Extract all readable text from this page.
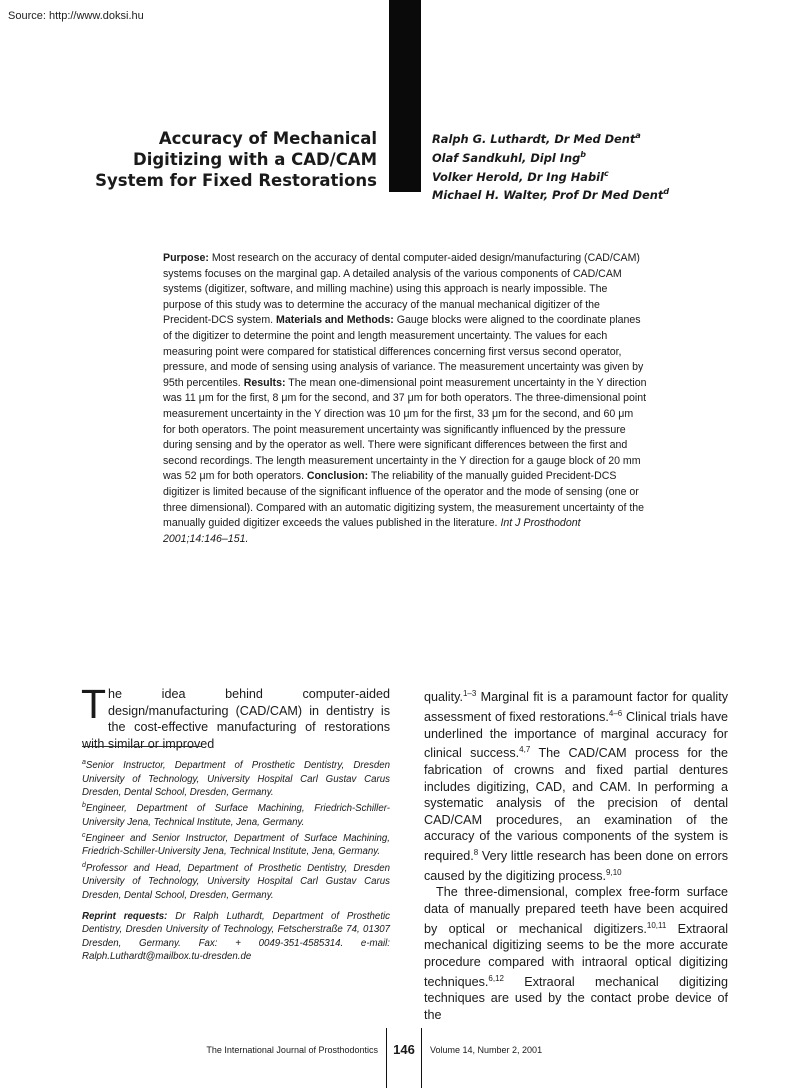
Source: http://www.doksi.hu
Accuracy of Mechanical
Digitizing with a CAD/CAM
System for Fixed Restorations
Ralph G. Luthardt, Dr Med Dent$^a$
Olaf Sandkuhl, Dipl Ing$^b$
Volker Herold, Dr Ing Habil$^c$
Michael H. Walter, Prof Dr Med Dent$^d$
Purpose: Most research on the accuracy of dental computer-aided design/manufacturing (CAD/CAM) systems focuses on the marginal gap. A detailed analysis of the various components of CAD/CAM systems (digitizer, software, and milling machine) using this approach is nearly impossible. The purpose of this study was to determine the accuracy of the manual mechanical digitizer of the Precident-DCS system. Materials and Methods: Gauge blocks were aligned to the coordinate planes of the digitizer to determine the point and length measurement uncertainty. The values for each measuring point were compared for statistical differences concerning first versus second operator, pressure, and mode of sensing using analysis of variance. The measurement uncertainty was given by 95th percentiles. Results: The mean one-dimensional point measurement uncertainty in the Y direction was 11 μm for the first, 8 μm for the second, and 37 μm for both operators. The three-dimensional point measurement uncertainty in the Y direction was 10 μm for the first, 33 μm for the second, and 60 μm for both operators. The point measurement uncertainty was significantly influenced by the pressure during sensing and by the operator as well. There were significant differences between the first and second recordings. The length measurement uncertainty in the Y direction for a gauge block of 20 mm was 52 μm for both operators. Conclusion: The reliability of the manually guided Precident-DCS digitizer is limited because of the significant influence of the operator and the mode of sensing (one or three dimensional). Compared with an automatic digitizing system, the measurement uncertainty of the manually guided digitizer exceeds the values published in the literature. Int J Prosthodont 2001;14:146–151.
The idea behind computer-aided design/manufacturing (CAD/CAM) in dentistry is the cost-effective manufacturing of restorations with similar or improved

$^a$Senior Instructor, Department of Prosthetic Dentistry, Dresden University of Technology, University Hospital Carl Gustav Carus Dresden, Dental School, Dresden, Germany.

$^b$Engineer, Department of Surface Machining, Friedrich-Schiller-University Jena, Technical Institute, Jena, Germany.

$^c$Engineer and Senior Instructor, Department of Surface Machining, Friedrich-Schiller-University Jena, Technical Institute, Jena, Germany.

$^d$Professor and Head, Department of Prosthetic Dentistry, Dresden University of Technology, University Hospital Carl Gustav Carus Dresden, Dental School, Dresden, Germany.

Reprint requests: Dr Ralph Luthardt, Department of Prosthetic Dentistry, Dresden University of Technology, Fetscherstraße 74, 01307 Dresden, Germany. Fax: + 0049-351-4585314. e-mail: Ralph.Luthardt@mailbox.tu-dresden.de

quality.$^{1-3}$ Marginal fit is a paramount factor for quality assessment of fixed restorations.$^{4-6}$ Clinical trials have underlined the importance of marginal accuracy for clinical success.$^{4,7}$ The CAD/CAM process for the fabrication of crowns and fixed partial dentures includes digitizing, CAD, and CAM. In performing a systematic analysis of the precision of dental CAD/CAM procedures, an examination of the accuracy of the various components of the system is required.$^8$ Very little research has been done on errors caused by the digitizing process.$^{9,10}$

The three-dimensional, complex free-form surface data of manually prepared teeth have been acquired by optical or mechanical digitizers.$^{10,11}$ Extraoral mechanical digitizing seems to be the more accurate procedure compared with intraoral optical digitizing techniques.$^{6,12}$ Extraoral mechanical digitizing techniques are used by the contact probe device of the

The International Journal of Prosthodontics	146	Volume 14, Number 2, 2001
